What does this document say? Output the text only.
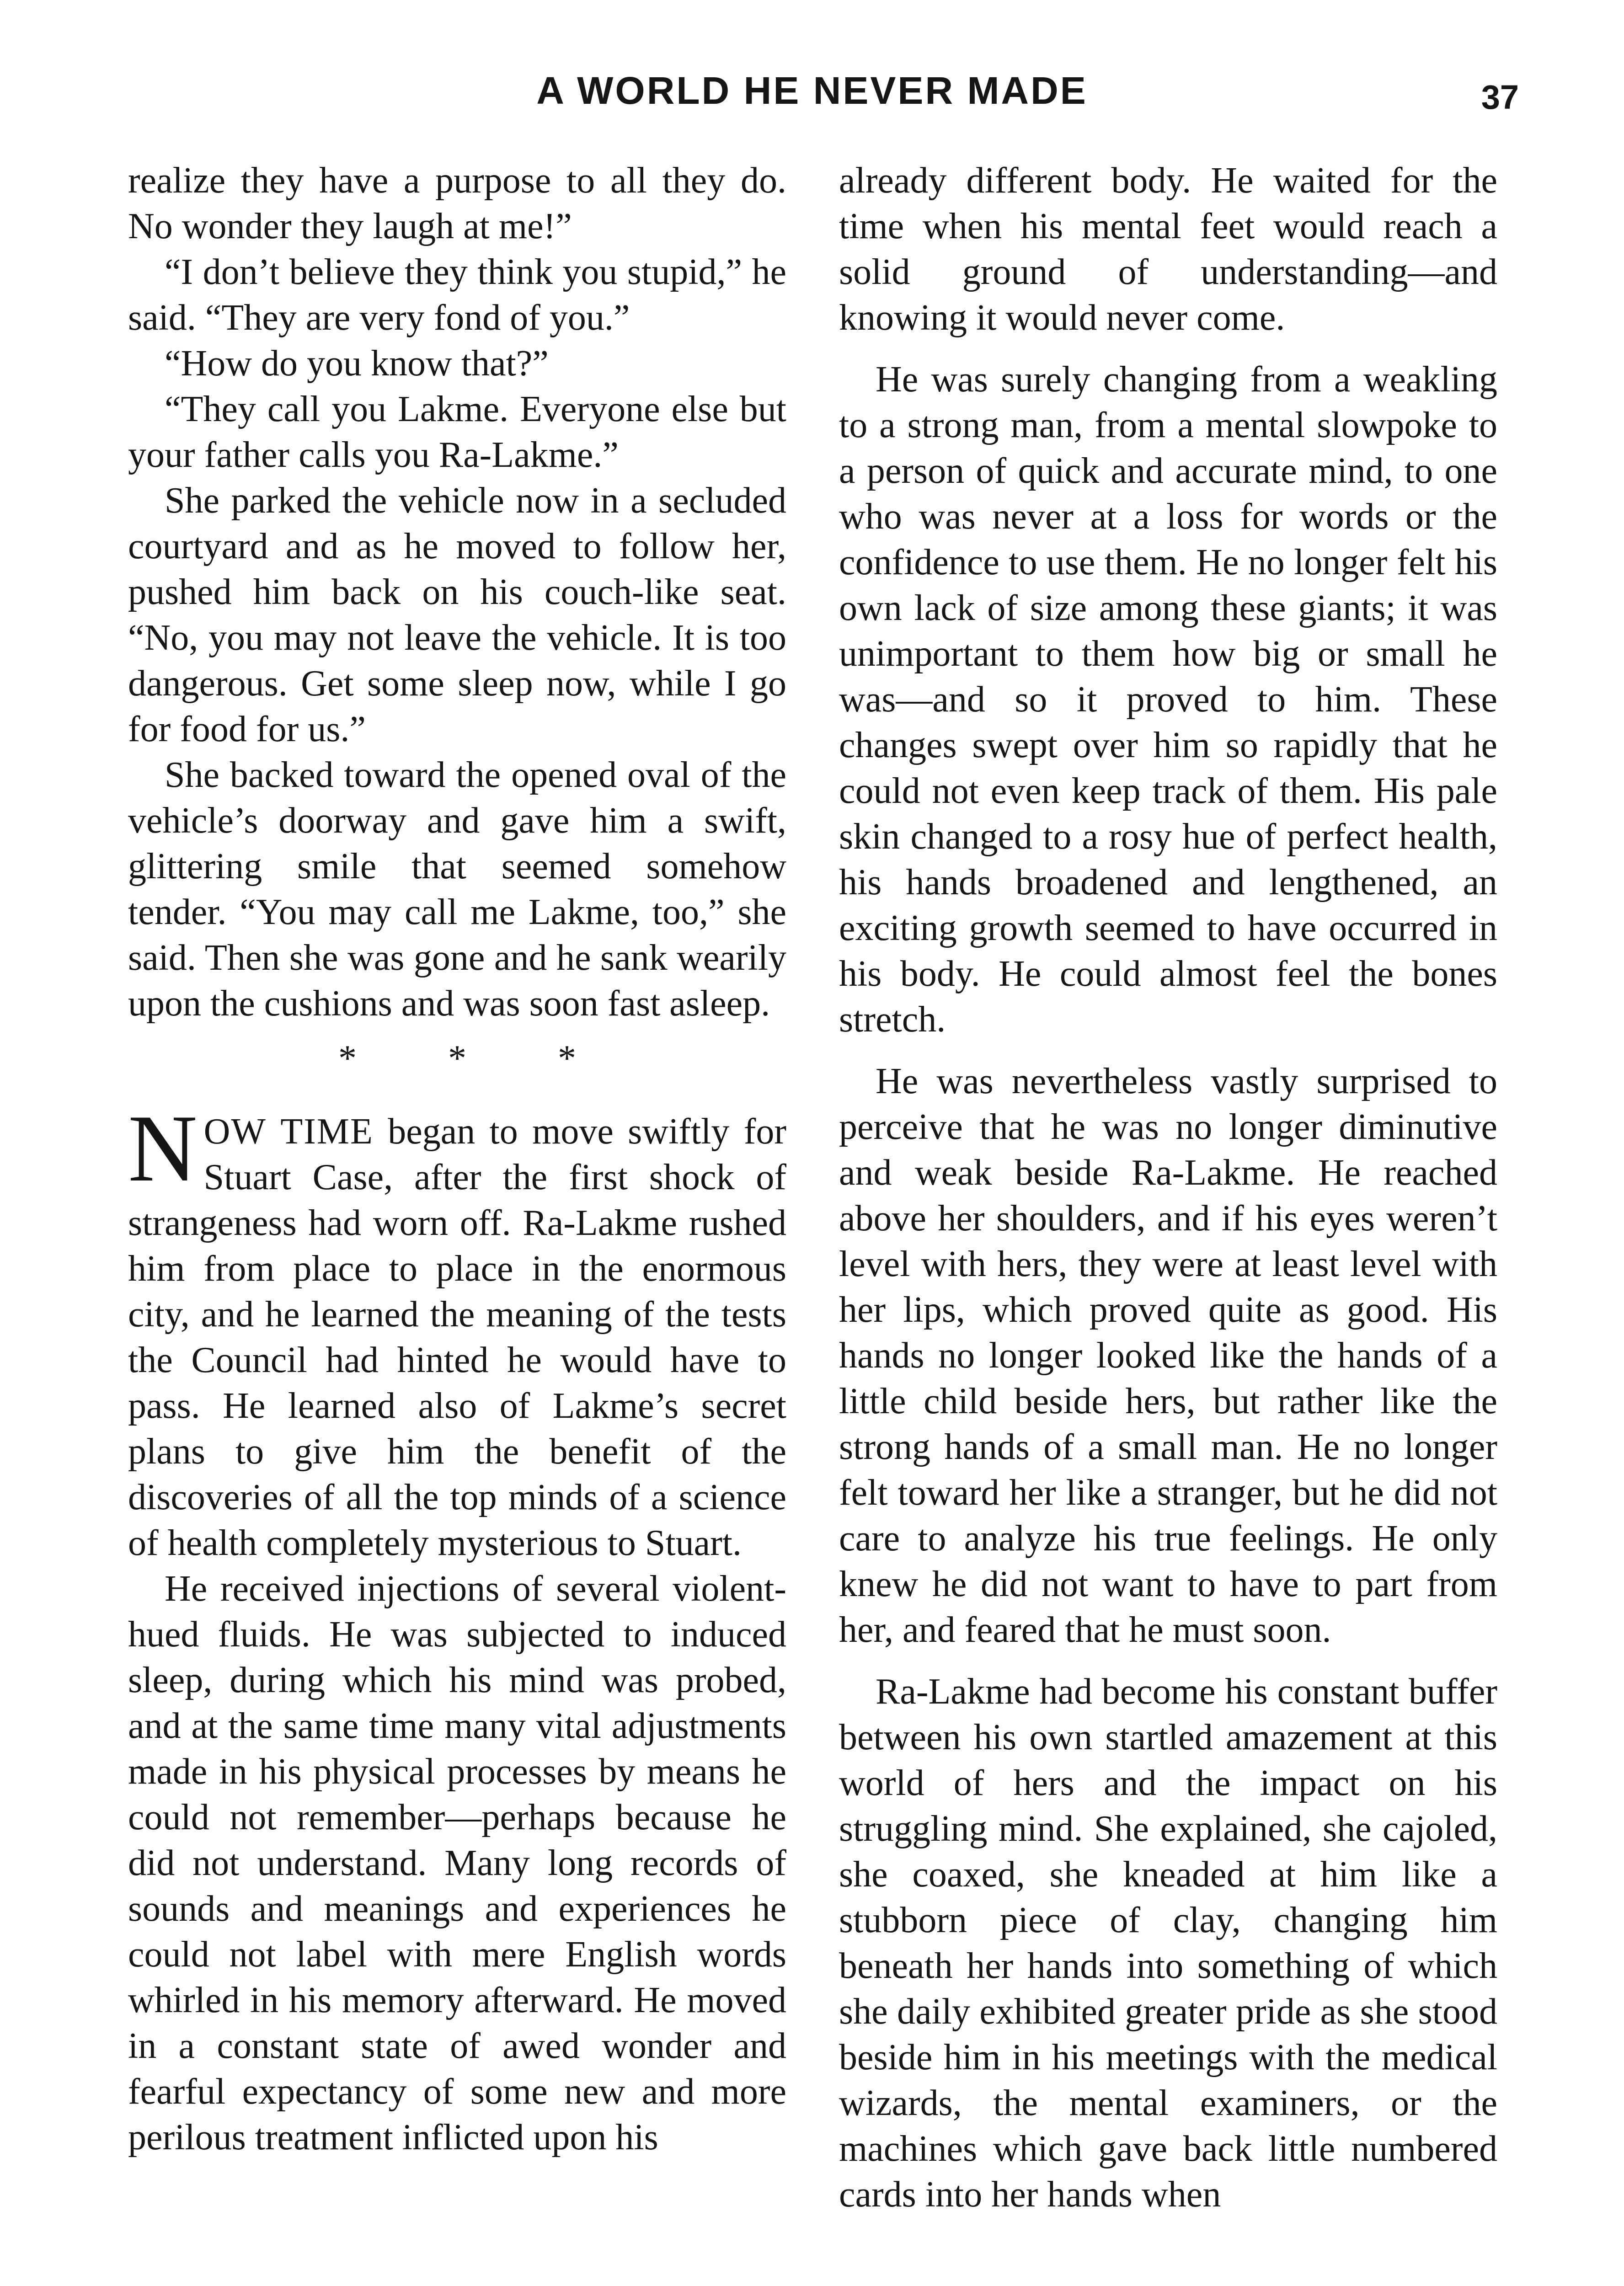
A WORLD HE NEVER MADE	37

realize they have a purpose to all they do. No wonder they laugh at me!”

“I don’t believe they think you stupid,” he said. “They are very fond of you.”

“How do you know that?”

“They call you Lakme. Everyone else but your father calls you Ra-Lakme.”

She parked the vehicle now in a secluded courtyard and as he moved to follow her, pushed him back on his couch-like seat. “No, you may not leave the vehicle. It is too dangerous. Get some sleep now, while I go for food for us.”

She backed toward the opened oval of the vehicle’s doorway and gave him a swift, glittering smile that seemed somehow tender. “You may call me Lakme, too,” she said. Then she was gone and he sank wearily upon the cushions and was soon fast asleep.

* * *

NOW TIME began to move swiftly for Stuart Case, after the first shock of strangeness had worn off. Ra-Lakme rushed him from place to place in the enormous city, and he learned the meaning of the tests the Council had hinted he would have to pass. He learned also of Lakme’s secret plans to give him the benefit of the discoveries of all the top minds of a science of health completely mysterious to Stuart.

He received injections of several violent-hued fluids. He was subjected to induced sleep, during which his mind was probed, and at the same time many vital adjustments made in his physical processes by means he could not remember—perhaps because he did not understand. Many long records of sounds and meanings and experiences he could not label with mere English words whirled in his memory afterward. He moved in a constant state of awed wonder and fearful expectancy of some new and more perilous treatment inflicted upon his

already different body. He waited for the time when his mental feet would reach a solid ground of understanding—and knowing it would never come.

He was surely changing from a weakling to a strong man, from a mental slowpoke to a person of quick and accurate mind, to one who was never at a loss for words or the confidence to use them. He no longer felt his own lack of size among these giants; it was unimportant to them how big or small he was—and so it proved to him. These changes swept over him so rapidly that he could not even keep track of them. His pale skin changed to a rosy hue of perfect health, his hands broadened and lengthened, an exciting growth seemed to have occurred in his body. He could almost feel the bones stretch.

He was nevertheless vastly surprised to perceive that he was no longer diminutive and weak beside Ra-Lakme. He reached above her shoulders, and if his eyes weren’t level with hers, they were at least level with her lips, which proved quite as good. His hands no longer looked like the hands of a little child beside hers, but rather like the strong hands of a small man. He no longer felt toward her like a stranger, but he did not care to analyze his true feelings. He only knew he did not want to have to part from her, and feared that he must soon.

Ra-Lakme had become his constant buffer between his own startled amazement at this world of hers and the impact on his struggling mind. She explained, she cajoled, she coaxed, she kneaded at him like a stubborn piece of clay, changing him beneath her hands into something of which she daily exhibited greater pride as she stood beside him in his meetings with the medical wizards, the mental examiners, or the machines which gave back little numbered cards into her hands when
